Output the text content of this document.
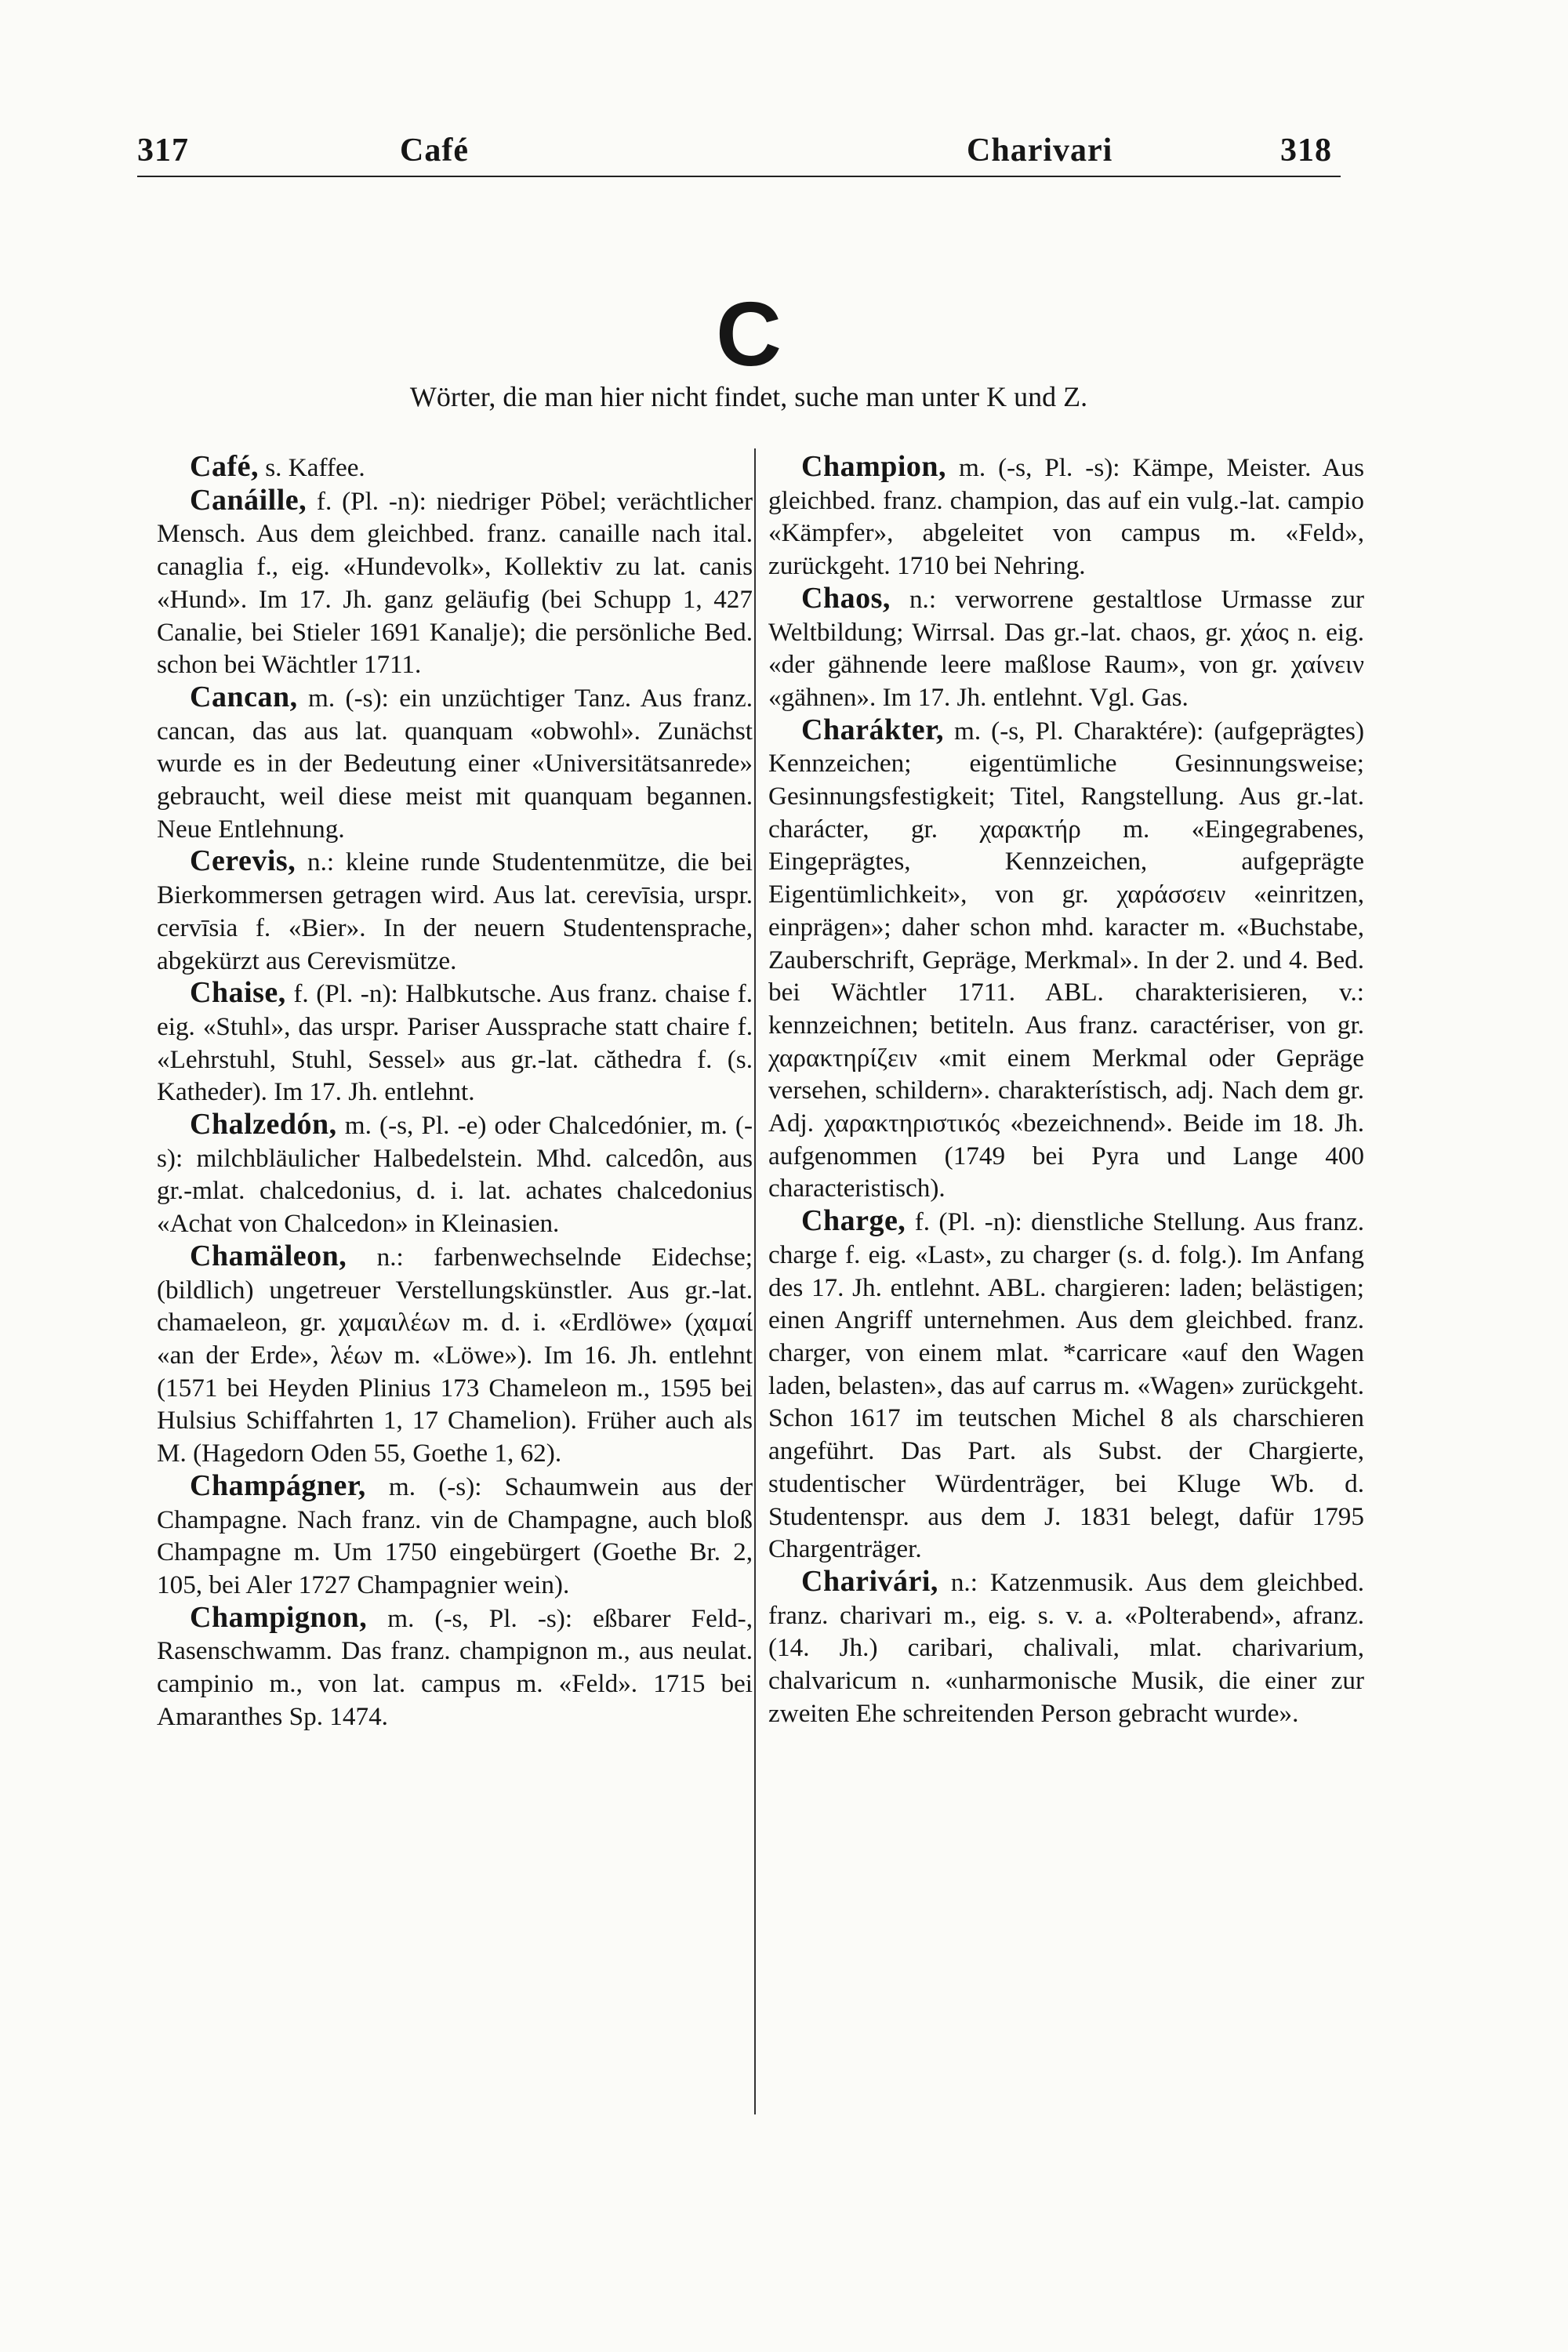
317	Café	Charivari	318
C
Wörter, die man hier nicht findet, suche man unter K und Z.

Café, s. Kaffee.

Canáille, f. (Pl. -n): niedriger Pöbel; verächtlicher Mensch. Aus dem gleichbed. franz. canaille nach ital. canaglia f., eig. «Hundevolk», Kollektiv zu lat. canis «Hund». Im 17. Jh. ganz geläufig (bei Schupp 1, 427 Canalie, bei Stieler 1691 Kanalje); die persönliche Bed. schon bei Wächtler 1711.

Cancan, m. (-s): ein unzüchtiger Tanz. Aus franz. cancan, das aus lat. quanquam «obwohl». Zunächst wurde es in der Bedeutung einer «Universitätsanrede» gebraucht, weil diese meist mit quanquam begannen. Neue Entlehnung.

Cerevis, n.: kleine runde Studentenmütze, die bei Bierkommersen getragen wird. Aus lat. cerevīsia, urspr. cervīsia f. «Bier». In der neuern Studentensprache, abgekürzt aus Cerevismütze.

Chaise, f. (Pl. -n): Halbkutsche. Aus franz. chaise f. eig. «Stuhl», das urspr. Pariser Aussprache statt chaire f. «Lehrstuhl, Stuhl, Sessel» aus gr.-lat. căthedra f. (s. Katheder). Im 17. Jh. entlehnt.

Chalzedón, m. (-s, Pl. -e) oder Chalcedónier, m. (-s): milchbläulicher Halbedelstein. Mhd. calcedôn, aus gr.-mlat. chalcedonius, d. i. lat. achates chalcedonius «Achat von Chalcedon» in Kleinasien.

Chamäleon, n.: farbenwechselnde Eidechse; (bildlich) ungetreuer Verstellungskünstler. Aus gr.-lat. chamaeleon, gr. χαμαιλέων m. d. i. «Erdlöwe» (χαμαί «an der Erde», λέων m. «Löwe»). Im 16. Jh. entlehnt (1571 bei Heyden Plinius 173 Chameleon m., 1595 bei Hulsius Schiffahrten 1, 17 Chamelion). Früher auch als M. (Hagedorn Oden 55, Goethe 1, 62).

Champágner, m. (-s): Schaumwein aus der Champagne. Nach franz. vin de Champagne, auch bloß Champagne m. Um 1750 eingebürgert (Goethe Br. 2, 105, bei Aler 1727 Champagnier wein).

Champignon, m. (-s, Pl. -s): eßbarer Feld-, Rasenschwamm. Das franz. champignon m., aus neulat. campinio m., von lat. campus m. «Feld». 1715 bei Amaranthes Sp. 1474.

Champion, m. (-s, Pl. -s): Kämpe, Meister. Aus gleichbed. franz. champion, das auf ein vulg.-lat. campio «Kämpfer», abgeleitet von campus m. «Feld», zurückgeht. 1710 bei Nehring.

Chaos, n.: verworrene gestaltlose Urmasse zur Weltbildung; Wirrsal. Das gr.-lat. chaos, gr. χάος n. eig. «der gähnende leere maßlose Raum», von gr. χαίνειν «gähnen». Im 17. Jh. entlehnt. Vgl. Gas.

Charákter, m. (-s, Pl. Charaktére): (aufgeprägtes) Kennzeichen; eigentümliche Gesinnungsweise; Gesinnungsfestigkeit; Titel, Rangstellung. Aus gr.-lat. charácter, gr. χαρακτήρ m. «Eingegrabenes, Eingeprägtes, Kennzeichen, aufgeprägte Eigentümlichkeit», von gr. χαράσσειν «einritzen, einprägen»; daher schon mhd. karacter m. «Buchstabe, Zauberschrift, Gepräge, Merkmal». In der 2. und 4. Bed. bei Wächtler 1711. ABL. charakterisieren, v.: kennzeichnen; betiteln. Aus franz. caractériser, von gr. χαρακτηρίζειν «mit einem Merkmal oder Gepräge versehen, schildern». charakterístisch, adj. Nach dem gr. Adj. χαρακτηριστικός «bezeichnend». Beide im 18. Jh. aufgenommen (1749 bei Pyra und Lange 400 characteristisch).

Charge, f. (Pl. -n): dienstliche Stellung. Aus franz. charge f. eig. «Last», zu charger (s. d. folg.). Im Anfang des 17. Jh. entlehnt. ABL. chargieren: laden; belästigen; einen Angriff unternehmen. Aus dem gleichbed. franz. charger, von einem mlat. *carricare «auf den Wagen laden, belasten», das auf carrus m. «Wagen» zurückgeht. Schon 1617 im teutschen Michel 8 als charschieren angeführt. Das Part. als Subst. der Chargierte, studentischer Würdenträger, bei Kluge Wb. d. Studentenspr. aus dem J. 1831 belegt, dafür 1795 Chargenträger.

Charivári, n.: Katzenmusik. Aus dem gleichbed. franz. charivari m., eig. s. v. a. «Polterabend», afranz. (14. Jh.) caribari, chalivali, mlat. charivarium, chalvaricum n. «unharmonische Musik, die einer zur zweiten Ehe schreitenden Person gebracht wurde».
